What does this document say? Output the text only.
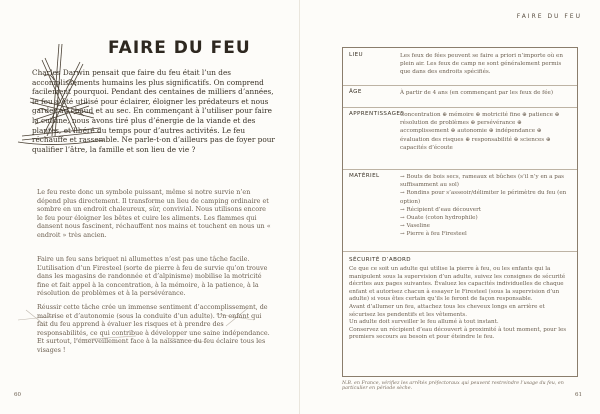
FAIRE DU FEU

Charles Darwin pensait que faire du feu était l’un des accomplissements humains les plus significatifs. On comprend facilement pourquoi. Pendant des centaines de milliers d’années, le feu a été utilisé pour éclairer, éloigner les prédateurs et nous garder au chaud et au sec. En commençant à l’utiliser pour faire la cuisine, nous avons tiré plus d’énergie de la viande et des plantes, et libéré du temps pour d’autres activités. Le feu réchauffe et rassemble. Ne parle-t-on d’ailleurs pas de foyer pour qualifier l’âtre, la famille et son lieu de vie ?

Le feu reste donc un symbole puissant, même si notre survie n’en dépend plus directement. Il transforme un lieu de camping ordinaire et sombre en un endroit chaleureux, sûr, convivial. Nous utilisons encore le feu pour éloigner les bêtes et cuire les aliments. Les flammes qui dansent nous fascinent, réchauffent nos mains et touchent en nous un « endroit » très ancien.

Faire un feu sans briquet ni allumettes n’est pas une tâche facile. L’utilisation d’un Firesteel (sorte de pierre à feu de survie qu’on trouve dans les magasins de randonnée et d’alpinisme) mobilise la motricité fine et fait appel à la concentration, à la mémoire, à la patience, à la résolution de problèmes et à la persévérance.

Réussir cette tâche crée un immense sentiment d’accomplissement, de maîtrise et d’autonomie (sous la conduite d’un adulte). Un enfant qui fait du feu apprend à évaluer les risques et à prendre des responsabilités, ce qui contribue à développer une saine indépendance. Et surtout, l’émerveillement face à la naissance du feu éclaire tous les visages !

60
FAIRE DU FEU
LIEU	Les feux de fées peuvent se faire a priori n’importe où en plein air. Les feux de camp ne sont généralement permis que dans des endroits spécifiés.
ÂGE	À partir de 4 ans (en commençant par les feux de fée)
APPRENTISSAGES
Concentration ⊕ mémoire ⊕ motricité fine ⊕ patience ⊕ résolution de problèmes ⊕ persévérance ⊕ accomplissement ⊕ autonomie ⊕ indépendance ⊕ évaluation des risques ⊕ responsabilité ⊕ sciences ⊕ capacités d’écoute
MATÉRIEL	→ Bouts de bois secs, rameaux et bûches (s’il n’y en a pas suffisamment au sol)
→ Rondins pour s’asseoir/délimiter le périmètre du feu (en option)
→ Récipient d’eau découvert
→ Ouate (coton hydrophile)
→ Vaseline
→ Pierre à feu Firesteel
SÉCURITÉ D’ABORD

Ce que ce soit un adulte qui utilise la pierre à feu, ou les enfants qui la manipulent sous la supervision d’un adulte, suivez les consignes de sécurité décrites aux pages suivantes. Évaluez les capacités individuelles de chaque enfant et autorisez chacun à essayer le Firesteel (sous la supervision d’un adulte) si vous êtes certain qu’ils le feront de façon responsable.

Avant d’allumer un feu, attachez tous les cheveux longs en arrière et sécurisez les pendentifs et les vêtements.

Un adulte doit surveiller le feu allumé à tout instant.

Conservez un récipient d’eau découvert à proximité à tout moment, pour les premiers secours au besoin et pour éteindre le feu.

N.B. en France, vérifiez les arrêtés préfectoraux qui peuvent restreindre l’usage du feu, en particulier en période sèche.
61
